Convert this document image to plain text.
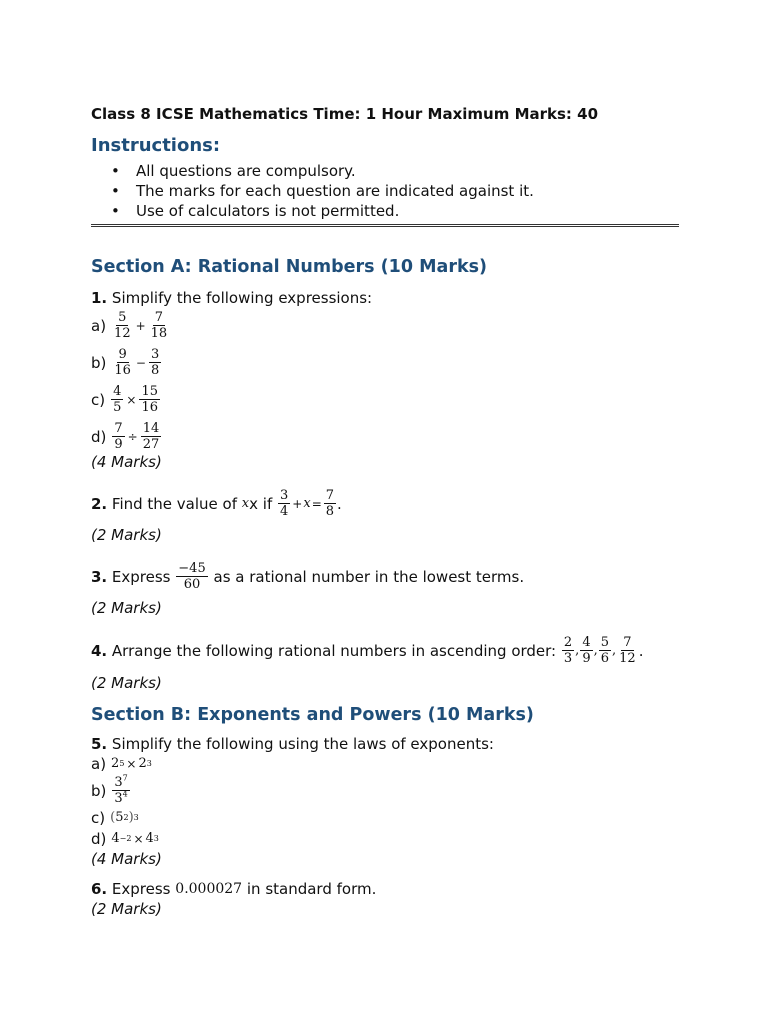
Class 8 ICSE Mathematics Time: 1 Hour Maximum Marks: 40

Instructions:
• All questions are compulsory.
• The marks for each question are indicated against it.
• Use of calculators is not permitted.
Section A: Rational Numbers (10 Marks)

1. Simplify the following expressions:

$a) \frac{5}{12} + \frac{7}{18}$
$b) \frac{9}{16} - \frac{3}{8}$
$c) \frac{4}{5} \times \frac{15}{16}$
$d) \frac{7}{9} \div \frac{14}{27}$

(4 Marks)

2.
Find the value of
x x if
$\frac{3}{4} + x = \frac{7}{8}$ .

(2 Marks)

3.
Express
$\frac{-45}{60}$
as a rational number in the lowest terms.

(2 Marks)

4.
Arrange the following rational numbers in ascending order:
$\frac{2}{3}$ , $\frac{4}{9}$ , $\frac{5}{6}$ , $\frac{7}{12}$ .

(2 Marks)

Section B: Exponents and Powers (10 Marks)

5. Simplify the following using the laws of exponents:

a) 2 5 × 2 3
$b) \frac{3^7}{3^4}$
c) ( 5 2 ) 3
d) 4 −2 × 4 3

(4 Marks)

6.
Express
0.000027
in standard form.

(2 Marks)
